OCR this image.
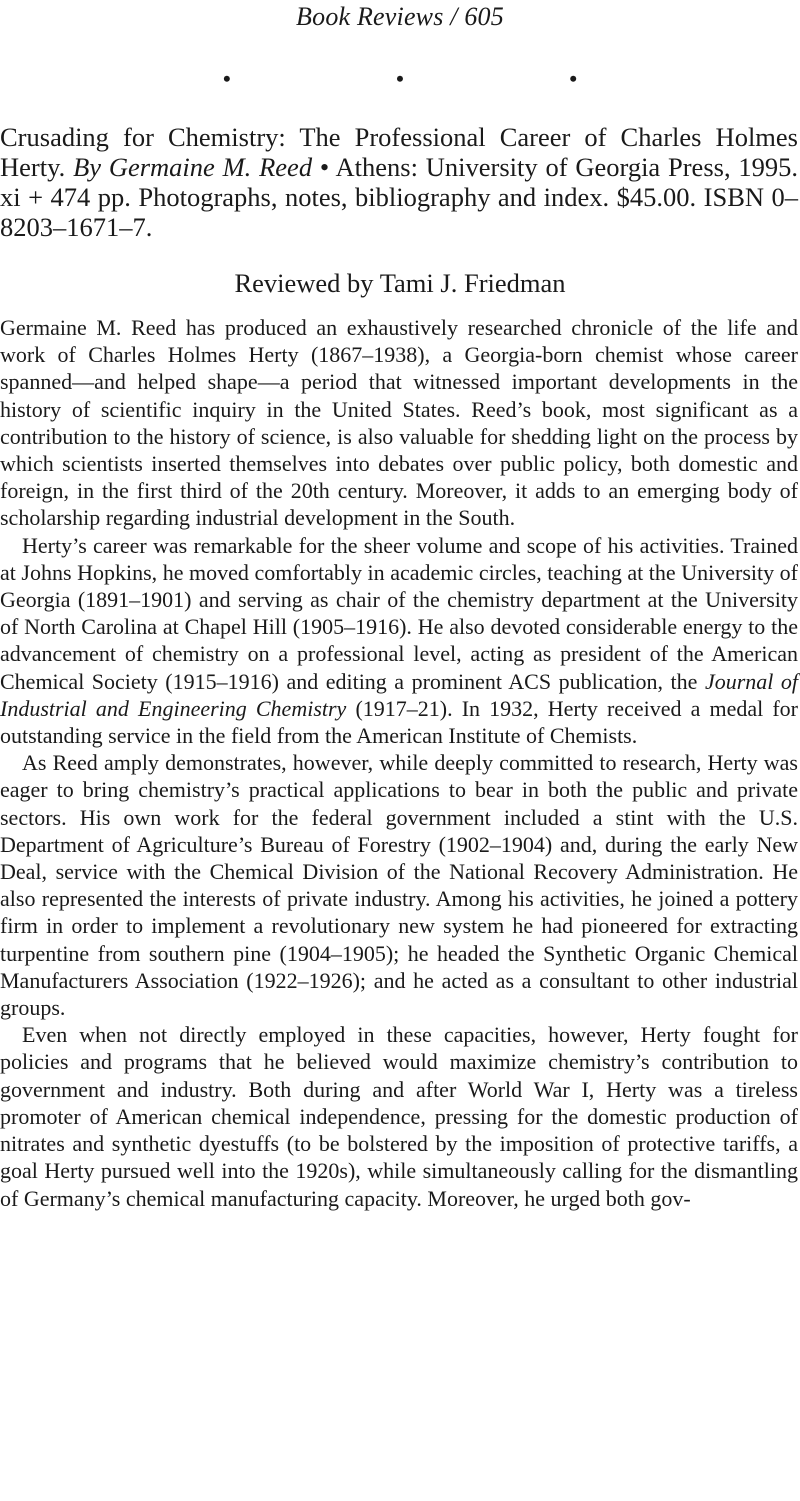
Book Reviews / 605
• • •
Crusading for Chemistry: The Professional Career of Charles Holmes Herty. By Germaine M. Reed • Athens: University of Georgia Press, 1995. xi + 474 pp. Photographs, notes, bibliography and index. $45.00. ISBN 0–8203–1671–7.
Reviewed by Tami J. Friedman

Germaine M. Reed has produced an exhaustively researched chronicle of the life and work of Charles Holmes Herty (1867–1938), a Georgia-born chemist whose career spanned—and helped shape—a period that witnessed important developments in the history of scientific inquiry in the United States. Reed’s book, most significant as a contribution to the history of science, is also valuable for shedding light on the process by which scientists inserted themselves into debates over public policy, both domestic and foreign, in the first third of the 20th century. Moreover, it adds to an emerging body of scholarship regarding industrial development in the South.

Herty’s career was remarkable for the sheer volume and scope of his activities. Trained at Johns Hopkins, he moved comfortably in academic circles, teaching at the University of Georgia (1891–1901) and serving as chair of the chemistry department at the University of North Carolina at Chapel Hill (1905–1916). He also devoted considerable energy to the advancement of chemistry on a professional level, acting as president of the American Chemical Society (1915–1916) and editing a prominent ACS publication, the Journal of Industrial and Engineering Chemistry (1917–21). In 1932, Herty received a medal for outstanding service in the field from the American Institute of Chemists.

As Reed amply demonstrates, however, while deeply committed to research, Herty was eager to bring chemistry’s practical applications to bear in both the public and private sectors. His own work for the federal government included a stint with the U.S. Department of Agriculture’s Bureau of Forestry (1902–1904) and, during the early New Deal, service with the Chemical Division of the National Recovery Administration. He also represented the interests of private industry. Among his activities, he joined a pottery firm in order to implement a revolutionary new system he had pioneered for extracting turpentine from southern pine (1904–1905); he headed the Synthetic Organic Chemical Manufacturers Association (1922–1926); and he acted as a consultant to other industrial groups.

Even when not directly employed in these capacities, however, Herty fought for policies and programs that he believed would maximize chemistry’s contribution to government and industry. Both during and after World War I, Herty was a tireless promoter of American chemical independence, pressing for the domestic production of nitrates and synthetic dyestuffs (to be bolstered by the imposition of protective tariffs, a goal Herty pursued well into the 1920s), while simultaneously calling for the dismantling of Germany’s chemical manufacturing capacity. Moreover, he urged both gov-
